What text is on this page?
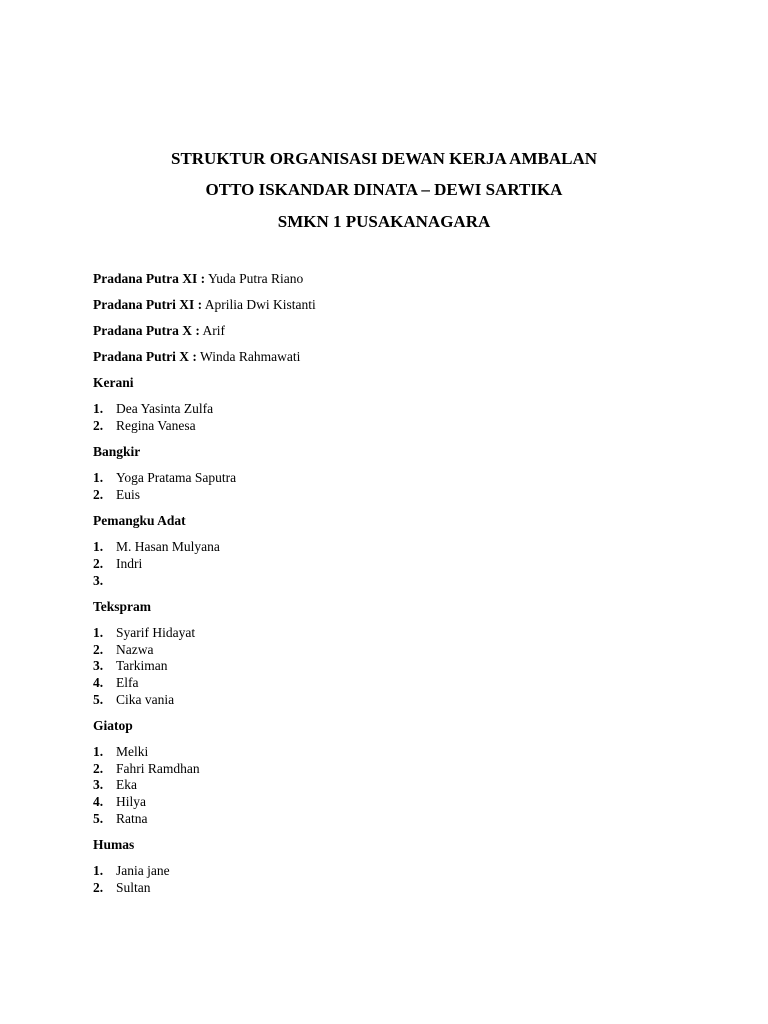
STRUKTUR ORGANISASI DEWAN KERJA AMBALAN
OTTO ISKANDAR DINATA – DEWI SARTIKA
SMKN 1 PUSAKANAGARA
Pradana Putra XI : Yuda Putra Riano
Pradana Putri XI : Aprilia Dwi Kistanti
Pradana Putra X : Arif
Pradana Putri X : Winda Rahmawati
Kerani
1. Dea Yasinta Zulfa
2. Regina Vanesa
Bangkir
1. Yoga Pratama Saputra
2. Euis
Pemangku Adat
1. M. Hasan Mulyana
2. Indri
3.
Tekspram
1. Syarif Hidayat
2. Nazwa
3. Tarkiman
4. Elfa
5. Cika vania
Giatop
1. Melki
2. Fahri Ramdhan
3. Eka
4. Hilya
5. Ratna
Humas
1. Jania jane
2. Sultan
